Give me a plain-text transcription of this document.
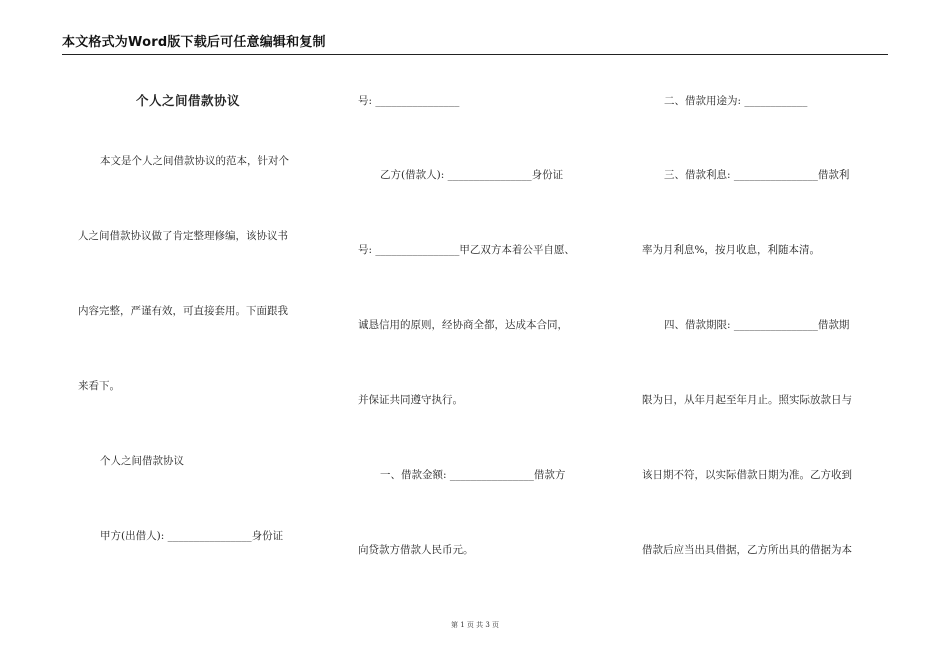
本文格式为Word版下载后可任意编辑和复制
个人之间借款协议
本文是个人之间借款协议的范本，针对个
人之间借款协议做了肯定整理修编，该协议书
内容完整，严谨有效，可直接套用。下面跟我
来看下。
个人之间借款协议
甲方(出借人): ________________身份证
号: ________________
乙方(借款人): ________________身份证
号: ________________甲乙双方本着公平自愿、
诚恳信用的原则，经协商全都，达成本合同，
并保证共同遵守执行。
一、借款金额: ________________借款方
向贷款方借款人民币元。
二、借款用途为: ____________
三、借款利息: ________________借款利
率为月利息%，按月收息，利随本清。
四、借款期限: ________________借款期
限为日，从年月起至年月止。照实际放款日与
该日期不符，以实际借款日期为准。乙方收到
借款后应当出具借据，乙方所出具的借据为本
第 1 页 共 3 页
